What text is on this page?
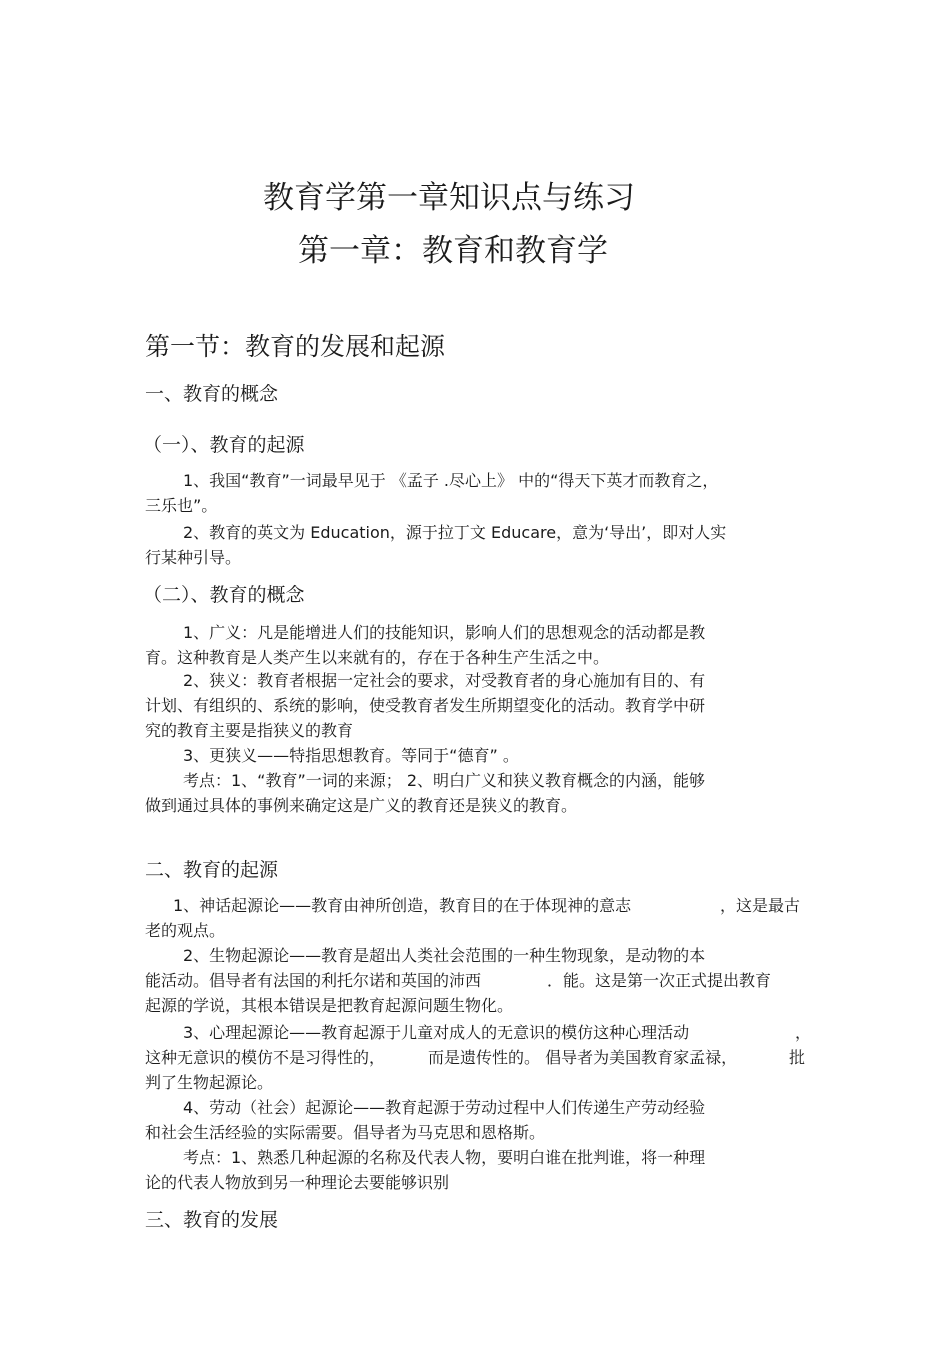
教育学第一章知识点与练习
第一章：教育和教育学
第一节：教育的发展和起源
一、教育的概念
（一）、教育的起源
1、我国“教育”一词最早见于 《孟子 .尽心上》 中的“得天下英才而教育之，
三乐也”。
2、教育的英文为 Education，源于拉丁文 Educare，意为‘导出’，即对人实
行某种引导。
（二）、教育的概念
1、广义：凡是能增进人们的技能知识，影响人们的思想观念的活动都是教
育。这种教育是人类产生以来就有的，存在于各种生产生活之中。
2、狭义：教育者根据一定社会的要求，对受教育者的身心施加有目的、有
计划、有组织的、系统的影响，使受教育者发生所期望变化的活动。教育学中研
究的教育主要是指狭义的教育
3、更狭义——特指思想教育。等同于“德育” 。
考点：1、“教育”一词的来源； 2、明白广义和狭义教育概念的内涵，能够
做到通过具体的事例来确定这是广义的教育还是狭义的教育。
二、教育的起源
1、神话起源论——教育由神所创造，教育目的在于体现神的意志	，这是最古
老的观点。
2、生物起源论——教育是超出人类社会范围的一种生物现象，是动物的本
能活动。倡导者有法国的利托尔诺和英国的沛西	．能。这是第一次正式提出教育
起源的学说，其根本错误是把教育起源问题生物化。
3、心理起源论——教育起源于儿童对成人的无意识的模仿这种心理活动	，
这种无意识的模仿不是习得性的，	而是遗传性的。 倡导者为美国教育家孟禄，	批
判了生物起源论。
4、劳动（社会）起源论——教育起源于劳动过程中人们传递生产劳动经验
和社会生活经验的实际需要。倡导者为马克思和恩格斯。
考点：1、熟悉几种起源的名称及代表人物，要明白谁在批判谁，将一种理
论的代表人物放到另一种理论去要能够识别
三、教育的发展
